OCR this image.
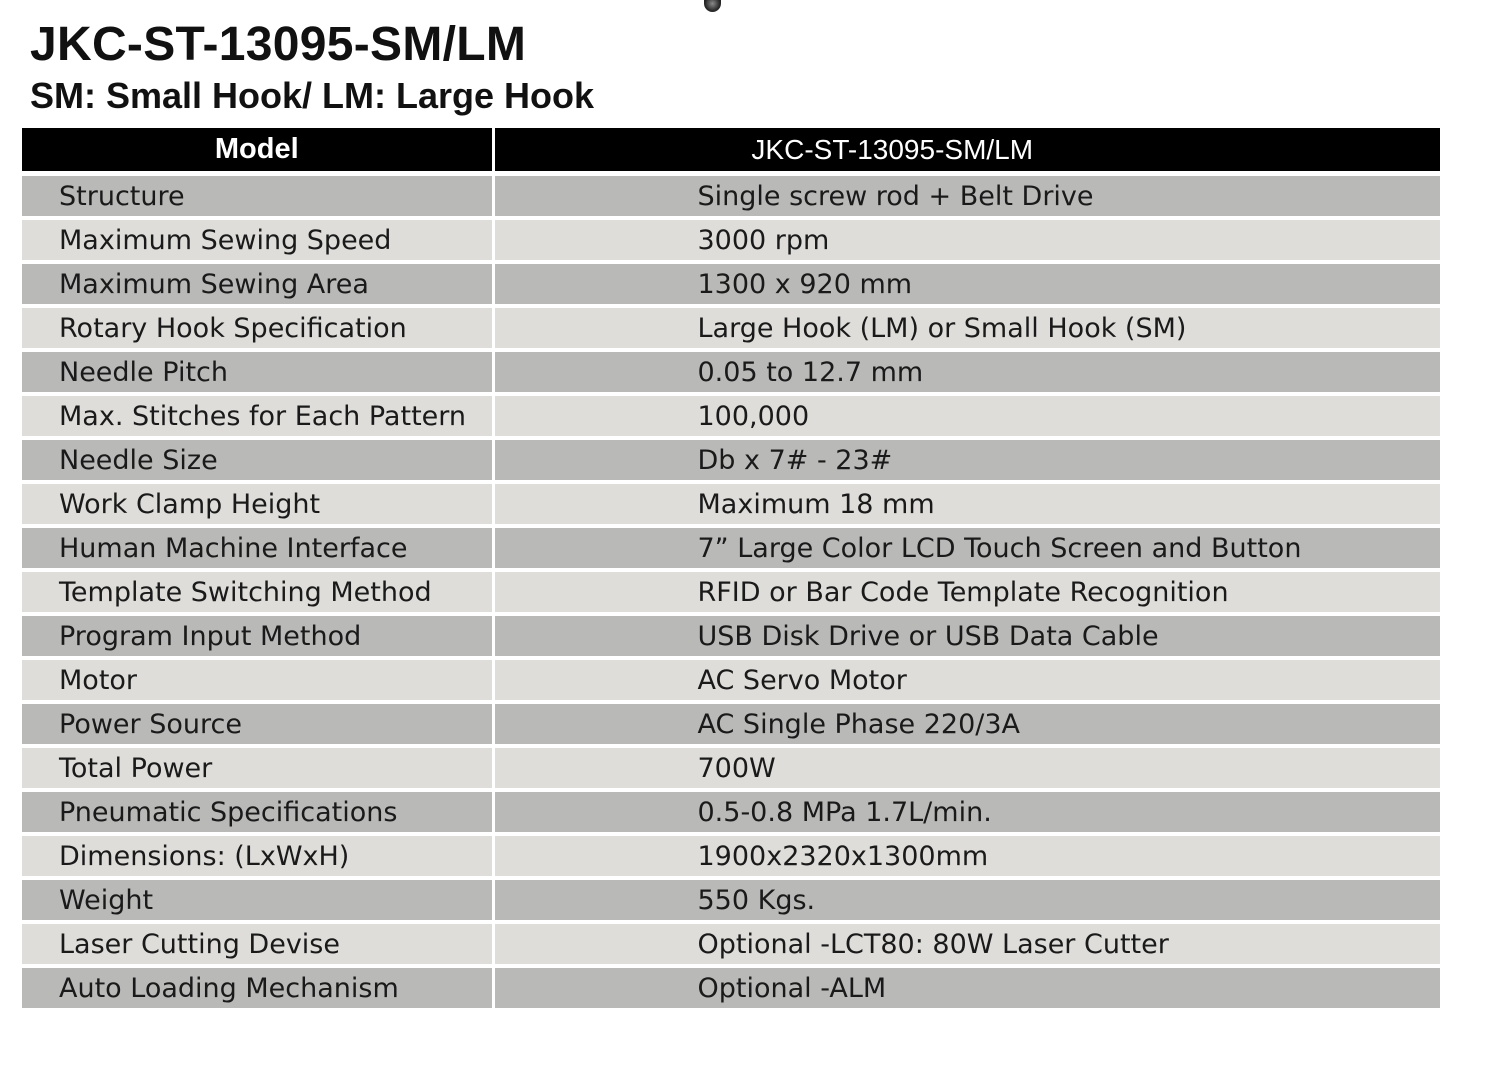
JKC-ST-13095-SM/LM
SM: Small Hook/ LM: Large Hook
Model	JKC-ST-13095-SM/LM
Structure	Single screw rod + Belt Drive
Maximum Sewing Speed	3000 rpm
Maximum Sewing Area	1300 x 920 mm
Rotary Hook Specification	Large Hook (LM) or Small Hook (SM)
Needle Pitch	0.05 to 12.7 mm
Max. Stitches for Each Pattern	100,000
Needle Size	Db x 7# - 23#
Work Clamp Height	Maximum 18 mm
Human Machine Interface	7” Large Color LCD Touch Screen and Button
Template Switching Method	RFID or Bar Code Template Recognition
Program Input Method	USB Disk Drive or USB Data Cable
Motor	AC Servo Motor
Power Source	AC Single Phase 220/3A
Total Power	700W
Pneumatic Specifications	0.5-0.8 MPa 1.7L/min.
Dimensions: (LxWxH)	1900x2320x1300mm
Weight	550 Kgs.
Laser Cutting Devise	Optional -LCT80: 80W Laser Cutter
Auto Loading Mechanism	Optional -ALM
